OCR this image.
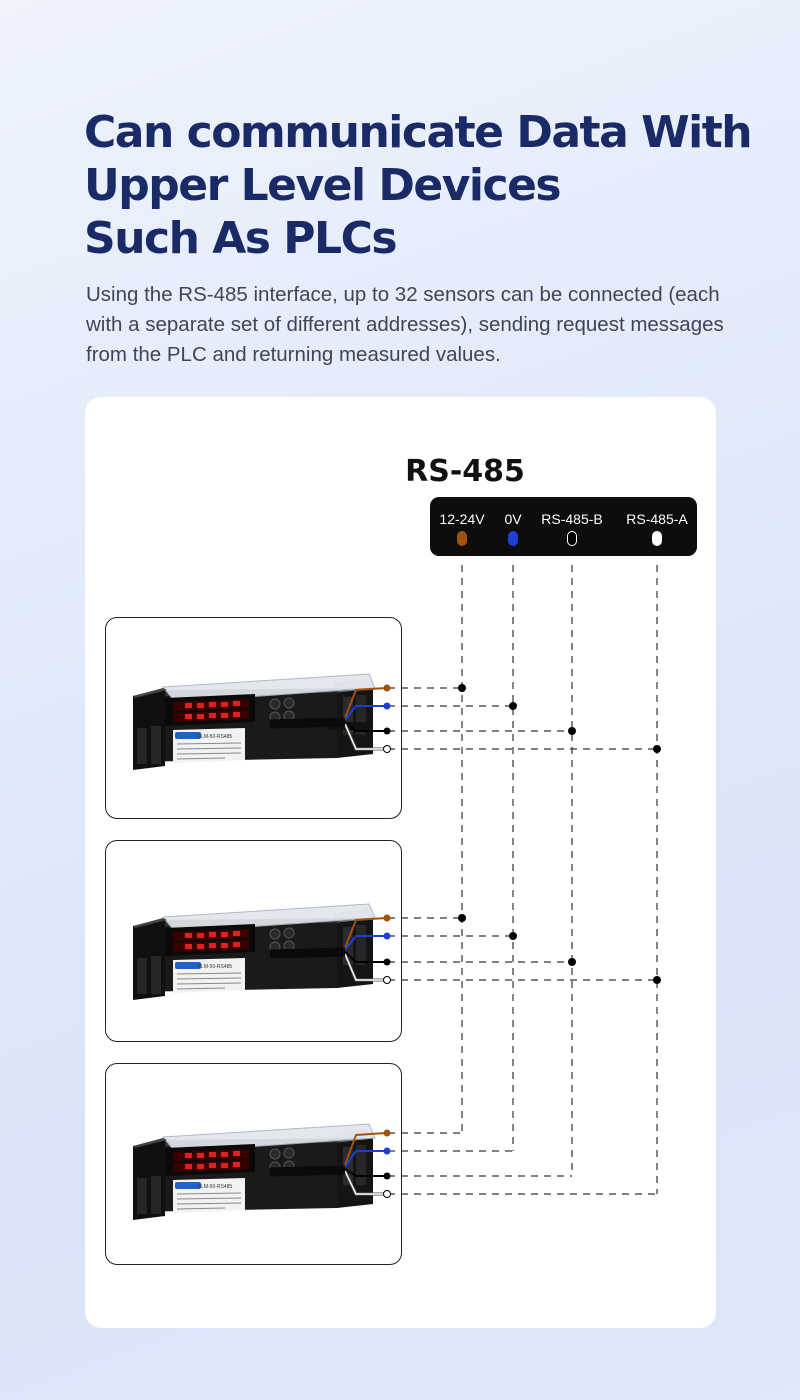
Can communicate Data With
Upper Level Devices
Such As PLCs

Using the RS-485 interface, up to 32 sensors can be connected (each with a separate set of different addresses), sending request messages from the PLC and returning measured values.

RS-485
12-24V 0V RS-485-B RS-485-A
FLM-50-RS485
FLM-50-RS485
FLM-50-RS485
